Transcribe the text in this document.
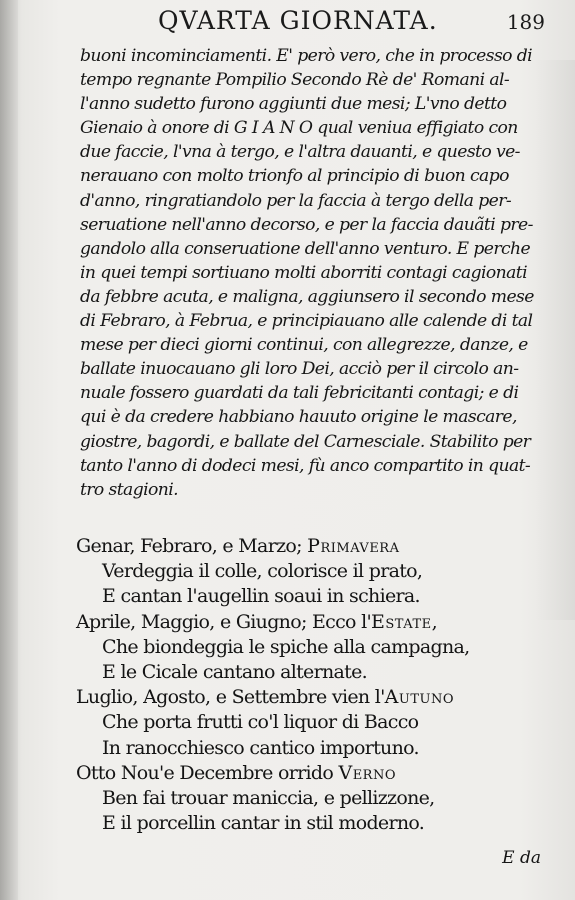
QVARTA GIORNATA.	189
buoni incominciamenti. E' però vero, che in processo di
tempo regnante Pompilio Secondo Rè de' Romani al-
l'anno sudetto furono aggiunti due mesi; L'vno detto
Gienaio à onore di G I A N O qual veniua effigiato con
due faccie, l'vna à tergo, e l'altra dauanti, e questo ve-
nerauano con molto trionfo al principio di buon capo
d'anno, ringratiandolo per la faccia à tergo della per-
seruatione nell'anno decorso, e per la faccia dauãti pre-
gandolo alla conseruatione dell'anno venturo. E perche
in quei tempi sortiuano molti aborriti contagi cagionati
da febbre acuta, e maligna, aggiunsero il secondo mese
di Febraro, à Februa, e principiauano alle calende di tal
mese per dieci giorni continui, con allegrezze, danze, e
ballate inuocauano gli loro Dei, acciò per il circolo an-
nuale fossero guardati da tali febricitanti contagi; e di
qui è da credere habbiano hauuto origine le mascare,
giostre, bagordi, e ballate del Carnesciale. Stabilito per
tanto l'anno di dodeci mesi, fù anco compartito in quat-
tro stagioni.
Genar, Febraro, e Marzo; Primavera
Verdeggia il colle, colorisce il prato,
E cantan l'augellin soaui in schiera.
Aprile, Maggio, e Giugno; Ecco l'Estate,
Che biondeggia le spiche alla campagna,
E le Cicale cantano alternate.
Luglio, Agosto, e Settembre vien l'Autuno
Che porta frutti co'l liquor di Bacco
In ranocchiesco cantico importuno.
Otto Nou'e Decembre orrido Verno
Ben fai trouar maniccia, e pellizzone,
E il porcellin cantar in stil moderno.
E da
